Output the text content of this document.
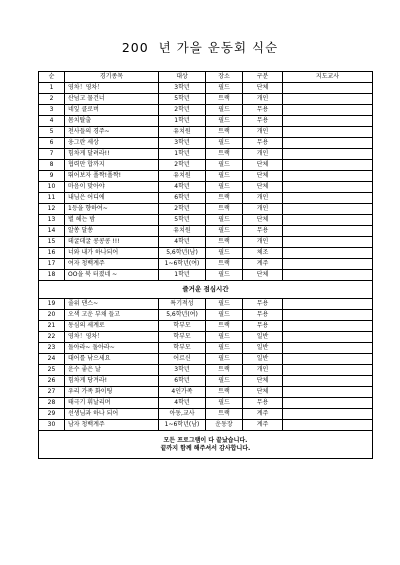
200  년 가을 운동회 식순
순	경기종목	대상	장소	구분	지도교사
1	영차！영차！	3학년	필드	단체	
2	산넘고 물건너	5학년	트랙	개인	
3	네잎 클로버	2학년	필드	무용	
4	몸치탈출	1학년	필드	무용	
5	천사들의 경주~	유치원	트랙	개인	
6	웅그란 세상	3학년	필드	무용	
7	힘차게 달려라!!	1학년	트랙	개인	
8	협력만 합까지	2학년	필드	단체	
9	뛰어보자 폴짝!폴짝!	유치원	필드	단체	
10	마음이 맞아야	4학년	필드	단체	
11	내님은 어디에	6학년	트랙	개인	
12	1등을 향하여~	2학년	트랙	개인	
13	별 헤는 밤	5학년	필드	단체	
14	알쏭 달쏭	유치원	필드	무용	
15	데굴데굴 콩콩콩 !!!	4학년	트랙	개인	
16	너와 내가 하나되어	5,6학년(남)	필드	체조	
17	여자 청백계주	1~6학년(여)	트랙	계주	
18	OO을 북 터졌네 ~	1학년	필드	단체	
즐거운 점심시간					
19	줄위 댄스~	특기적성	필드	무용	
20	오색 고운 부채 들고	5,6학년(여)	필드	무용	
21	동심의 세계로	학부모	트랙	무용	
22	영차！영차！	학부모	필드	일반	
23	돌아라~ 돌아라~	학부모	필드	일반	
24	대어를 낚으세요	어르신	필드	일반	
25	운수 좋은 날	3학년	트랙	개인	
26	힘차게 당겨라!	6학년	필드	단체	
27	우리 가족 화이팅	4인가족	트랙	단체	
28	태극기 휘날리며	4학년	필드	무용	
29	선생님과 하나 되어	아동,교사	트랙	계주	
30	남자 청백계주	1~6학년(남)	운동장	계주	

모든 프로그램이 다 끝났습니다.
끝까지 함께 해주셔서 감사합니다.					
